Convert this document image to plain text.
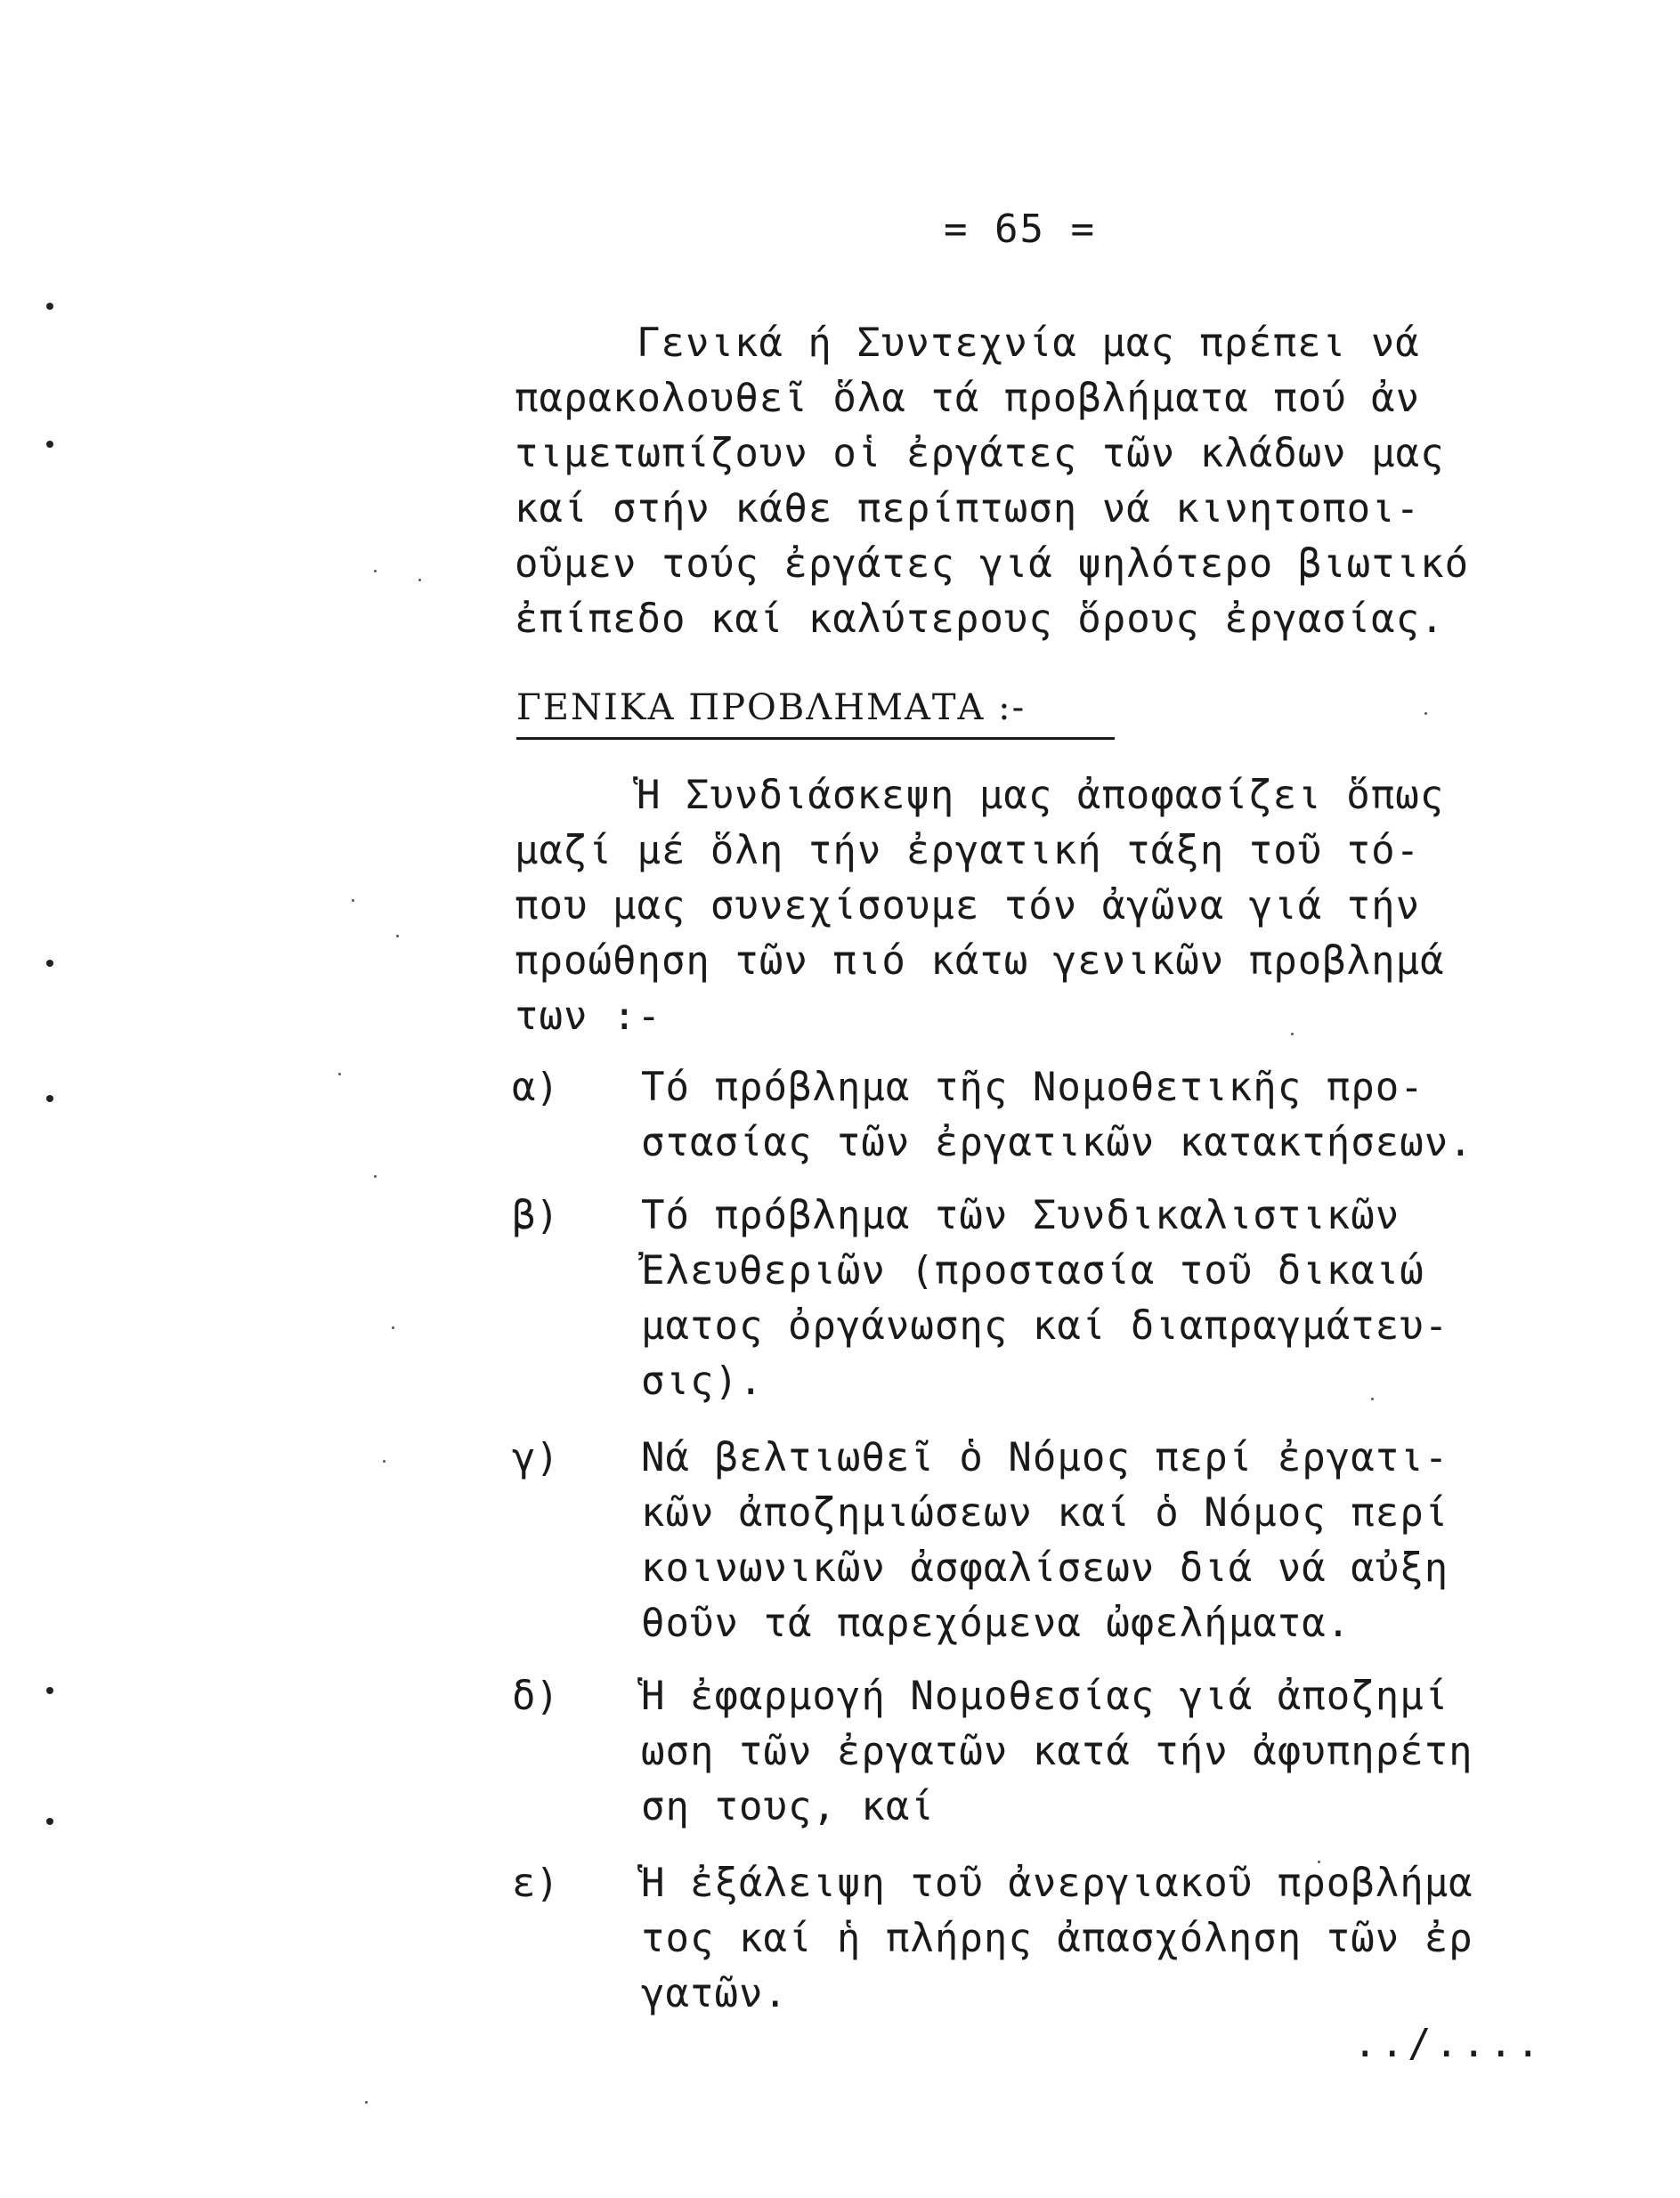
= 65 =
Γενικά ή Συντεχνία μας πρέπει νά
παρακολουθεῖ ὅλα τά προβλήματα πού ἀν
τιμετωπίζουν οἱ ἐργάτες τῶν κλάδων μας
καί στήν κάθε περίπτωση νά κινητοποι-
οῦμεν τούς ἐργάτες γιά ψηλότερο βιωτικό
ἐπίπεδο καί καλύτερους ὅρους ἐργασίας.
ΓΕΝΙΚΑ ΠΡΟΒΛΗΜΑΤΑ :-
Ἡ Συνδιάσκεψη μας ἀποφασίζει ὅπως
μαζί μέ ὅλη τήν ἐργατική τάξη τοῦ τό-
που μας συνεχίσουμε τόν ἀγῶνα γιά τήν
προώθηση τῶν πιό κάτω γενικῶν προβλημά
των :-
α) Τό πρόβλημα τῆς Νομοθετικῆς προ-
στασίας τῶν ἐργατικῶν κατακτήσεων.
β) Τό πρόβλημα τῶν Συνδικαλιστικῶν
Ἐλευθεριῶν (προστασία τοῦ δικαιώ
ματος ὀργάνωσης καί διαπραγμάτευ-
σις).
γ) Νά βελτιωθεῖ ὁ Νόμος περί ἐργατι-
κῶν ἀποζημιώσεων καί ὁ Νόμος περί
κοινωνικῶν ἀσφαλίσεων διά νά αὐξη
θοῦν τά παρεχόμενα ὠφελήματα.
δ) Ἡ ἐφαρμογή Νομοθεσίας γιά ἀποζημί
ωση τῶν ἐργατῶν κατά τήν ἀφυπηρέτη
ση τους, καί
ε) Ἡ ἐξάλειψη τοῦ ἀνεργιακοῦ προβλήμα
τος καί ἡ πλήρης ἀπασχόληση τῶν ἐρ
γατῶν.
../....
